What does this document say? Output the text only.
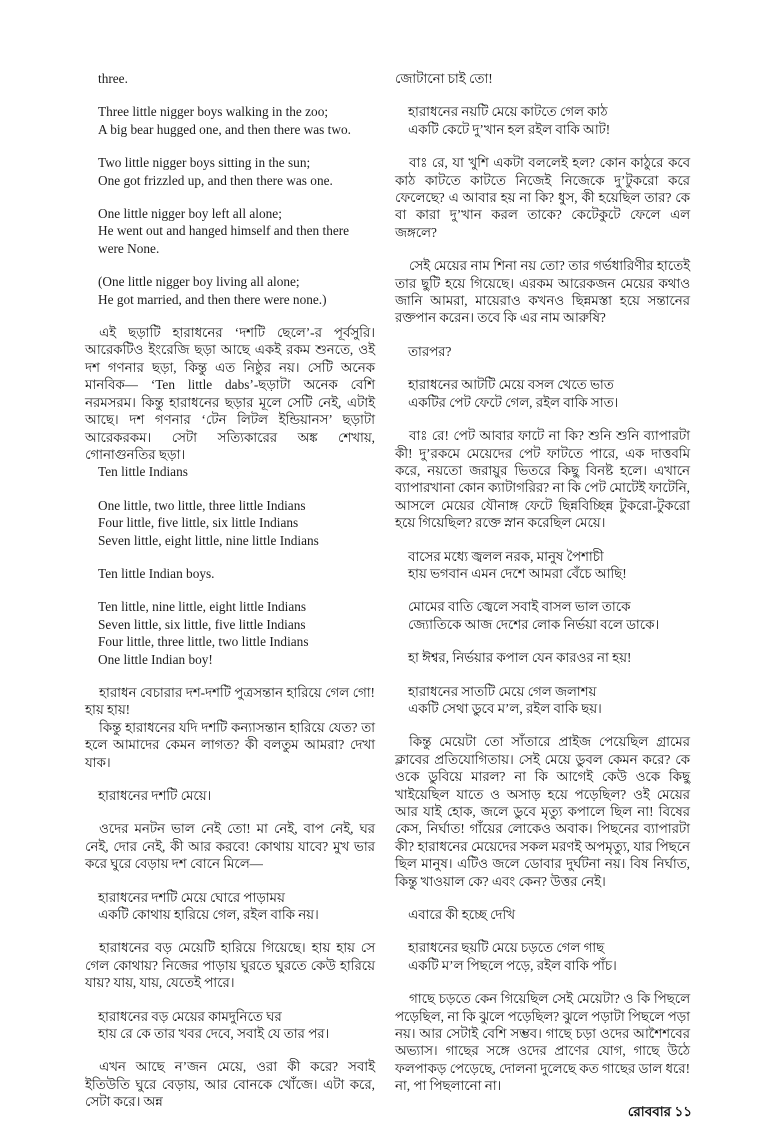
three.
Three little nigger boys walking in the zoo;
A big bear hugged one, and then there was two.
Two little nigger boys sitting in the sun;
One got frizzled up, and then there was one.
One little nigger boy left all alone;
He went out and hanged himself and then there
were None.
(One little nigger boy living all alone;
He got married, and then there were none.)
এই ছড়াটি হারাধনের ‘দশটি ছেলে’-র পূর্বসুরি। আরেকটিও ইংরেজি ছড়া আছে একই রকম শুনতে, ওই দশ গণনার ছড়া, কিন্তু এত নিষ্ঠুর নয়। সেটি অনেক মানবিক— ‘Ten little dabs’-ছড়াটা অনেক বেশি নরমসরম। কিন্তু হারাধনের ছড়ার মূলে সেটি নেই, এটাই আছে। দশ গণনার ‘টেন লিটল ইন্ডিয়ানস’ ছড়াটা আরেকরকম। সেটা সত্যিকারের অঙ্ক শেখায়, গোনাগুনতির ছড়া।
Ten little Indians
One little, two little, three little Indians
Four little, five little, six little Indians
Seven little, eight little, nine little Indians
Ten little Indian boys.
Ten little, nine little, eight little Indians
Seven little, six little, five little Indians
Four little, three little, two little Indians
One little Indian boy!
হারাধন বেচারার দশ-দশটি পুত্রসন্তান হারিয়ে গেল গো! হায় হায়!
কিন্তু হারাধনের যদি দশটি কন্যাসন্তান হারিয়ে যেত? তা হলে আমাদের কেমন লাগত? কী বলতুম আমরা? দেখা যাক।
হারাধনের দশটি মেয়ে।
ওদের মনটন ভাল নেই তো! মা নেই, বাপ নেই, ঘর নেই, দোর নেই, কী আর করবে! কোথায় যাবে? মুখ ভার করে ঘুরে বেড়ায় দশ বোনে মিলে—
হারাধনের দশটি মেয়ে ঘোরে পাড়াময়
একটি কোথায় হারিয়ে গেল, রইল বাকি নয়।
হারাধনের বড় মেয়েটি হারিয়ে গিয়েছে। হায় হায় সে গেল কোথায়? নিজের পাড়ায় ঘুরতে ঘুরতে কেউ হারিয়ে যায়? যায়, যায়, যেতেই পারে।
হারাধনের বড় মেয়ের কামদুনিতে ঘর
হায় রে কে তার খবর দেবে, সবাই যে তার পর।
এখন আছে ন’জন মেয়ে, ওরা কী করে? সবাই ইতিউতি ঘুরে বেড়ায়, আর বোনকে খোঁজে। এটা করে, সেটা করে। অন্ন
জোটানো চাই তো!
হারাধনের নয়টি মেয়ে কাটতে গেল কাঠ
একটি কেটে দু’খান হল রইল বাকি আট!
বাঃ রে, যা খুশি একটা বললেই হল? কোন কাঠুরে কবে কাঠ কাটতে কাটতে নিজেই নিজেকে দু’টুকরো করে ফেলেছে? এ আবার হয় না কি? ধুস, কী হয়েছিল তার? কে বা কারা দু’খান করল তাকে? কেটেকুটে ফেলে এল জঙ্গলে?
সেই মেয়ের নাম শিনা নয় তো? তার গর্ভধারিণীর হাতেই তার ছুটি হয়ে গিয়েছে। এরকম আরেকজন মেয়ের কথাও জানি আমরা, মায়েরাও কখনও ছিন্নমস্তা হয়ে সন্তানের রক্তপান করেন। তবে কি এর নাম আরুষি?
তারপর?
হারাধনের আটটি মেয়ে বসল খেতে ভাত
একটির পেট ফেটে গেল, রইল বাকি সাত।
বাঃ রে! পেট আবার ফাটে না কি? শুনি শুনি ব্যাপারটা কী! দু’রকমে মেয়েদের পেট ফাটতে পারে, এক দাত্তবমি করে, নয়তো জরায়ুর ভিতরে কিছু বিনষ্ট হলে। এখানে ব্যাপারখানা কোন ক্যাটাগরির? না কি পেট মোটেই ফাটেনি, আসলে মেয়ের যৌনাঙ্গ ফেটে ছিন্নবিচ্ছিন্ন টুকরো-টুকরো হয়ে গিয়েছিল? রক্তে স্নান করেছিল মেয়ে।
বাসের মধ্যে জ্বলল নরক, মানুষ পৈশাচী
হায় ভগবান এমন দেশে আমরা বেঁচে আছি!
মোমের বাতি জ্বেলে সবাই বাসল ভাল তাকে
জ্যোতিকে আজ দেশের লোক নির্ভয়া বলে ডাকে।
হা ঈশ্বর, নির্ভয়ার কপাল যেন কারওর না হয়!
হারাধনের সাতটি মেয়ে গেল জলাশয়
একটি সেথা ডুবে ম’ল, রইল বাকি ছয়।
কিন্তু মেয়েটা তো সাঁতারে প্রাইজ পেয়েছিল গ্রামের ক্লাবের প্রতিযোগিতায়। সেই মেয়ে ডুবল কেমন করে? কে ওকে ডুবিয়ে মারল? না কি আগেই কেউ ওকে কিছু খাইয়েছিল যাতে ও অসাড় হয়ে পড়েছিল? ওই মেয়ের আর যাই হোক, জলে ডুবে মৃত্যু কপালে ছিল না! বিষের কেস, নির্ঘাত! গাঁয়ের লোকেও অবাক। পিছনের ব্যাপারটা কী? হারাধনের মেয়েদের সকল মরণই অপমৃত্যু, যার পিছনে ছিল মানুষ। এটিও জলে ডোবার দুর্ঘটনা নয়। বিষ নির্ঘাত, কিন্তু খাওয়াল কে? এবং কেন? উত্তর নেই।
এবারে কী হচ্ছে দেখি
হারাধনের ছয়টি মেয়ে চড়তে গেল গাছ
একটি ম’ল পিছলে পড়ে, রইল বাকি পাঁচ।
গাছে চড়তে কেন গিয়েছিল সেই মেয়েটা? ও কি পিছলে পড়েছিল, না কি ঝুলে পড়েছিল? ঝুলে পড়াটা পিছলে পড়া নয়। আর সেটাই বেশি সম্ভব। গাছে চড়া ওদের আশৈশবের অভ্যাস। গাছের সঙ্গে ওদের প্রাণের যোগ, গাছে উঠে ফলপাকড় পেড়েছে, দোলনা দুলেছে কত গাছের ডাল ধরে! না, পা পিছলানো না।
রোববার ১১
